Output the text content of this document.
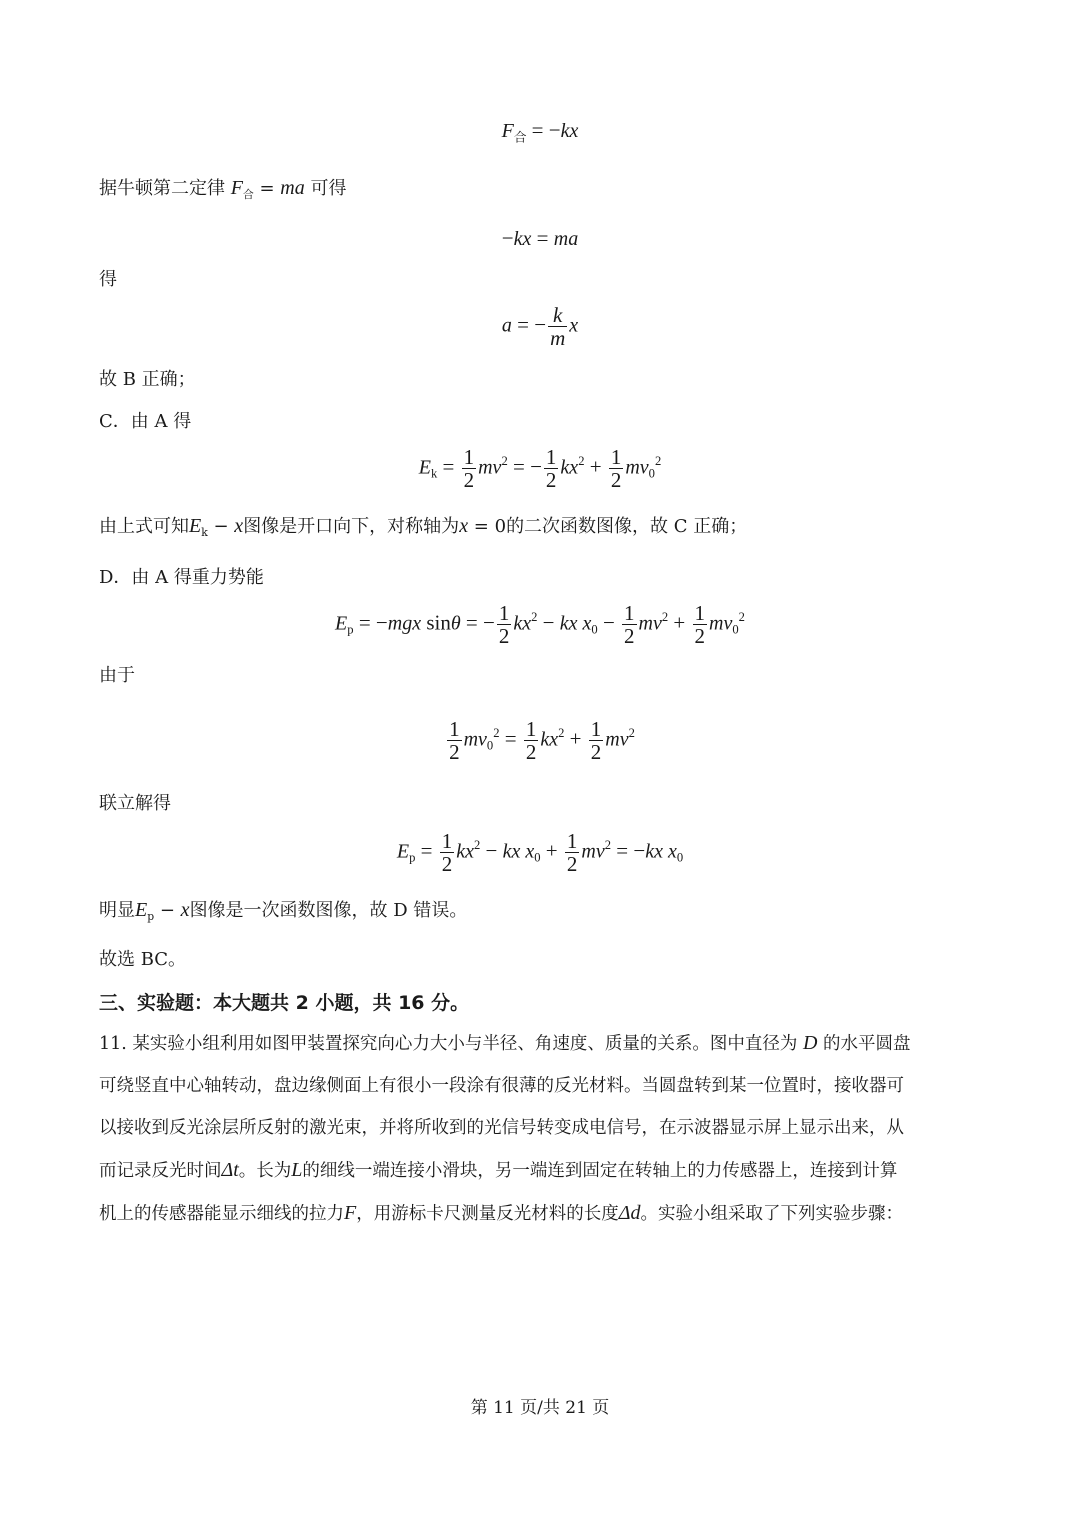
$F_合 = -kx$
据牛顿第二定律 $F_合$ = ma 可得
−kx = ma
得
a = − $\frac{k}{m}$ x
故 B 正确；
C．由 A 得
$E_k = \frac{1}{2} mv^2$ = − $\frac{1}{2} kx^2 + \frac{1}{2} mv_0^2$
由上式可知$E_k - x$图像是开口向下，对称轴为x = 0的二次函数图像，故 C 正确；
D．由 A 得重力势能
$E_p = -mgx$ sinθ = − $\frac{1}{2} kx^2$ − kx $x_0 - \frac{1}{2} mv^2 + \frac{1}{2} mv_0^2$
由于
$\frac{1}{2} mv_0^2 = \frac{1}{2} kx^2 + \frac{1}{2} mv^2$
联立解得
$E_p = \frac{1}{2} kx^2$ − kx $x_0 + \frac{1}{2} mv^2 = -kx$ $x_0$
明显$E_p - x$图像是一次函数图像，故 D 错误。
故选 BC。
三、实验题：本大题共 2 小题，共 16 分。
11. 某实验小组利用如图甲装置探究向心力大小与半径、角速度、质量的关系。图中直径为 D 的水平圆盘
可绕竖直中心轴转动，盘边缘侧面上有很小一段涂有很薄的反光材料。当圆盘转到某一位置时，接收器可
以接收到反光涂层所反射的激光束，并将所收到的光信号转变成电信号，在示波器显示屏上显示出来，从
而记录反光时间Δt。长为L的细线一端连接小滑块，另一端连到固定在转轴上的力传感器上，连接到计算
机上的传感器能显示细线的拉力F，用游标卡尺测量反光材料的长度Δd。实验小组采取了下列实验步骤：
第 11 页/共 21 页
